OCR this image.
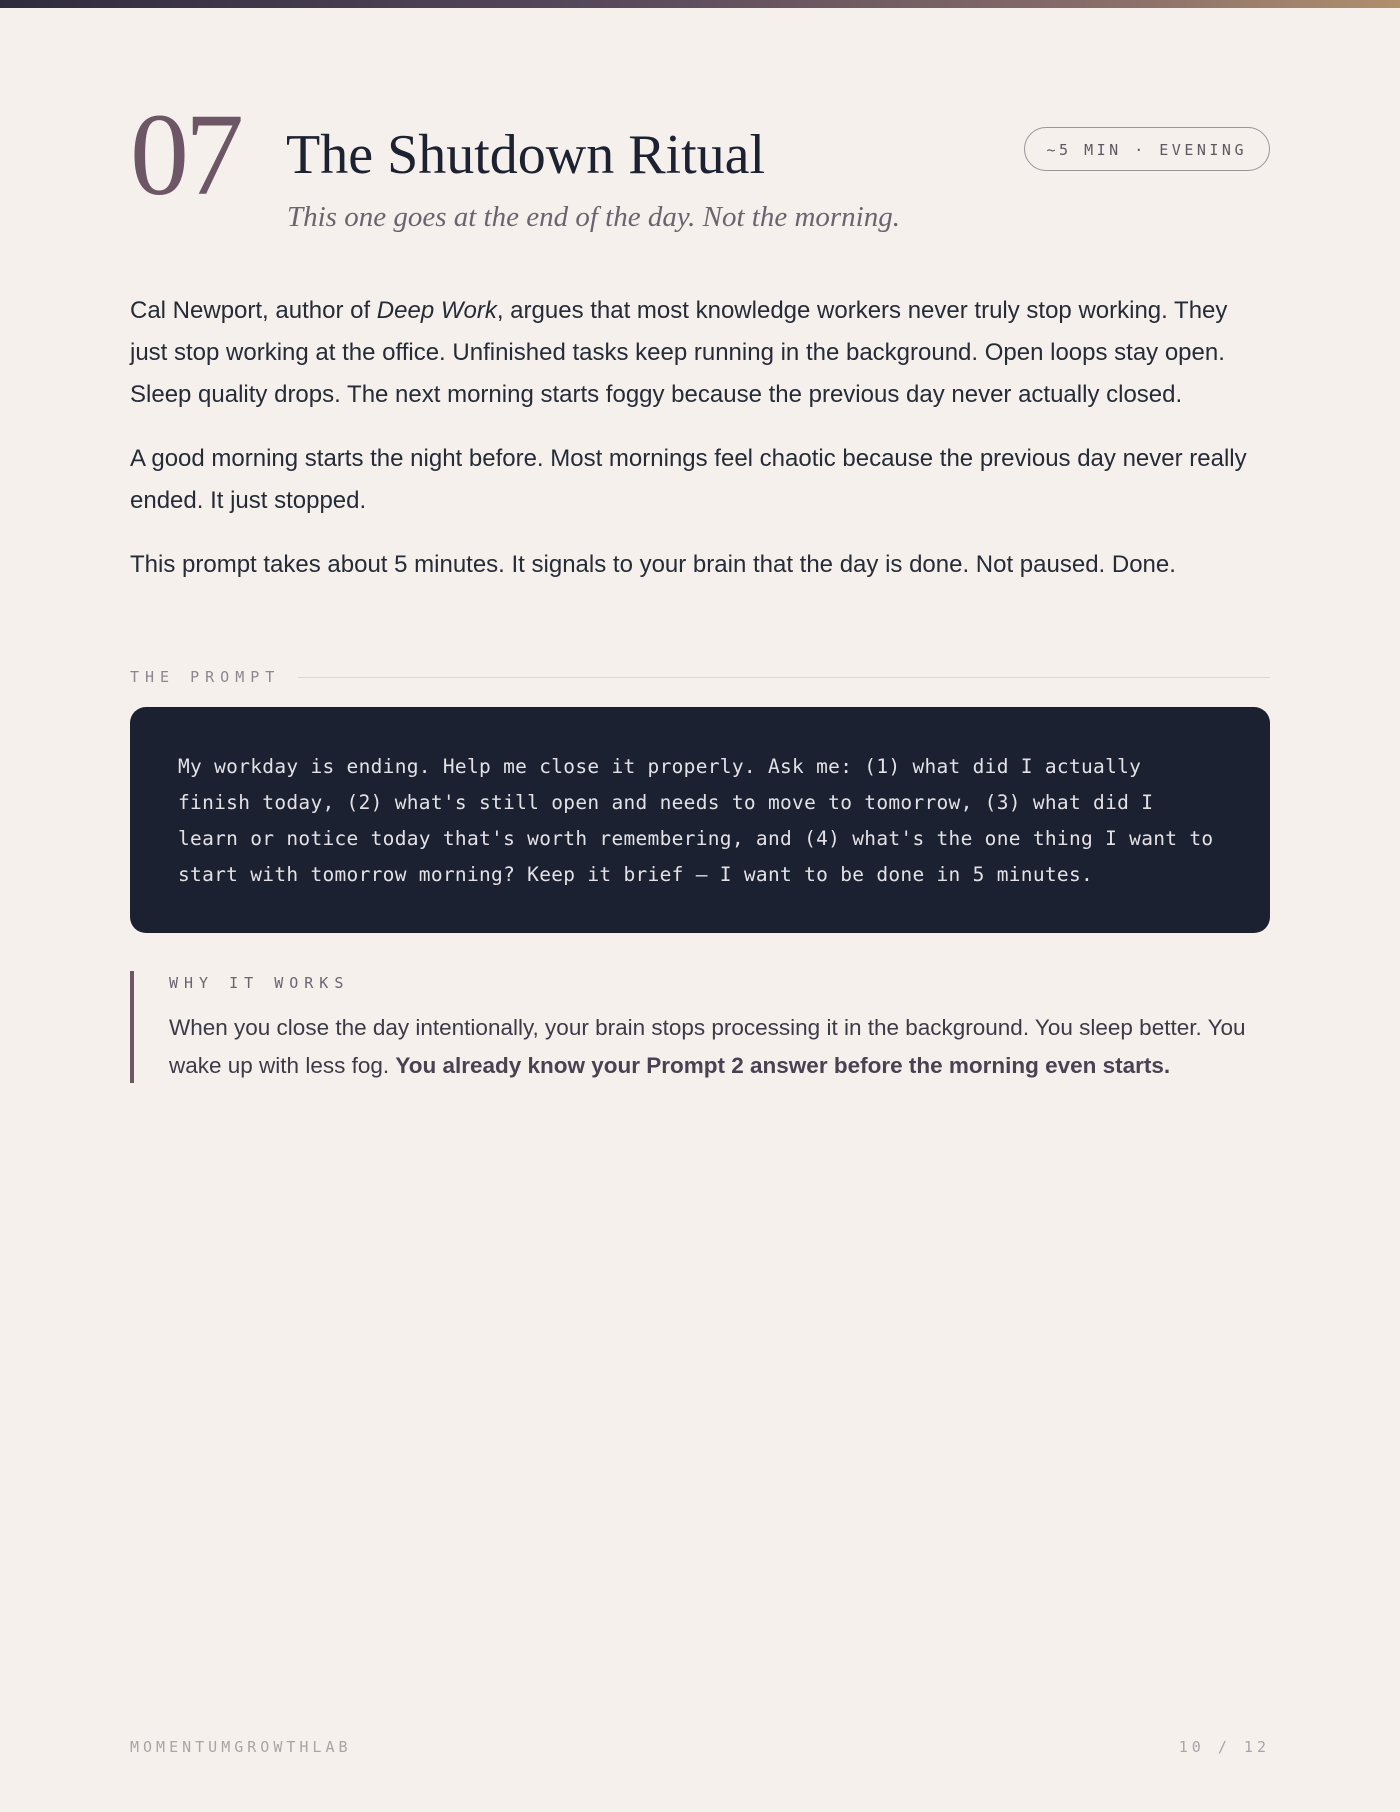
07 The Shutdown Ritual
This one goes at the end of the day. Not the morning.
~5 MIN · EVENING

Cal Newport, author of Deep Work, argues that most knowledge workers never truly stop working. They just stop working at the office. Unfinished tasks keep running in the background. Open loops stay open. Sleep quality drops. The next morning starts foggy because the previous day never actually closed.

A good morning starts the night before. Most mornings feel chaotic because the previous day never really ended. It just stopped.

This prompt takes about 5 minutes. It signals to your brain that the day is done. Not paused. Done.

THE PROMPT

My workday is ending. Help me close it properly. Ask me: (1) what did I actually finish today, (2) what's still open and needs to move to tomorrow, (3) what did I learn or notice today that's worth remembering, and (4) what's the one thing I want to start with tomorrow morning? Keep it brief — I want to be done in 5 minutes.

WHY IT WORKS

When you close the day intentionally, your brain stops processing it in the background. You sleep better. You wake up with less fog. You already know your Prompt 2 answer before the morning even starts.

MOMENTUMGROWTHLAB	10 / 12
